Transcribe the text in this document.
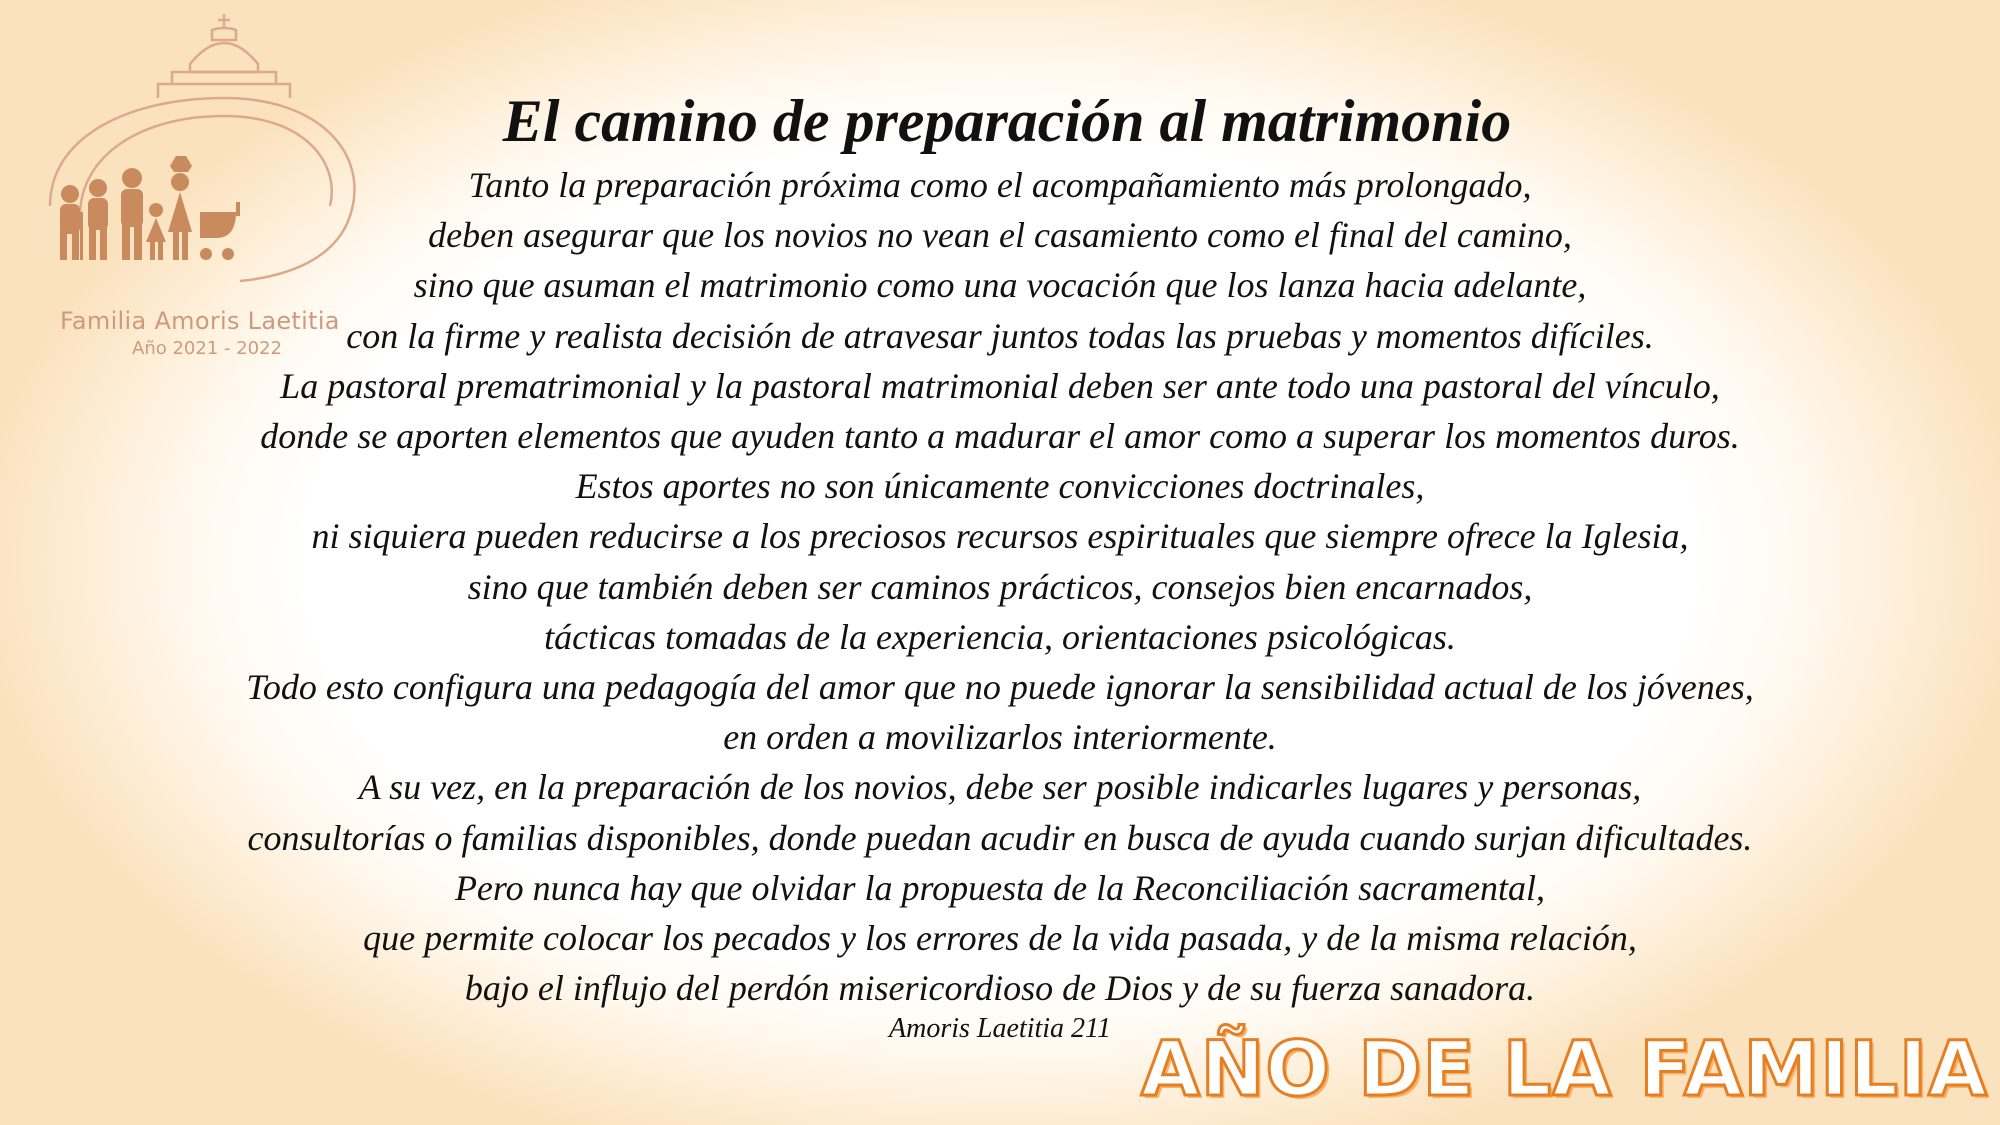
Familia Amoris Laetitia
Año 2021 - 2022
El camino de preparación al matrimonio
Tanto la preparación próxima como el acompañamiento más prolongado,
deben asegurar que los novios no vean el casamiento como el final del camino,
sino que asuman el matrimonio como una vocación que los lanza hacia adelante,
con la firme y realista decisión de atravesar juntos todas las pruebas y momentos difíciles.
La pastoral prematrimonial y la pastoral matrimonial deben ser ante todo una pastoral del vínculo,
donde se aporten elementos que ayuden tanto a madurar el amor como a superar los momentos duros.
Estos aportes no son únicamente convicciones doctrinales,
ni siquiera pueden reducirse a los preciosos recursos espirituales que siempre ofrece la Iglesia,
sino que también deben ser caminos prácticos, consejos bien encarnados,
tácticas tomadas de la experiencia, orientaciones psicológicas.
Todo esto configura una pedagogía del amor que no puede ignorar la sensibilidad actual de los jóvenes,
en orden a movilizarlos interiormente.
A su vez, en la preparación de los novios, debe ser posible indicarles lugares y personas,
consultorías o familias disponibles, donde puedan acudir en busca de ayuda cuando surjan dificultades.
Pero nunca hay que olvidar la propuesta de la Reconciliación sacramental,
que permite colocar los pecados y los errores de la vida pasada, y de la misma relación,
bajo el influjo del perdón misericordioso de Dios y de su fuerza sanadora.
Amoris Laetitia 211 AÑO DE LA FAMILIA
